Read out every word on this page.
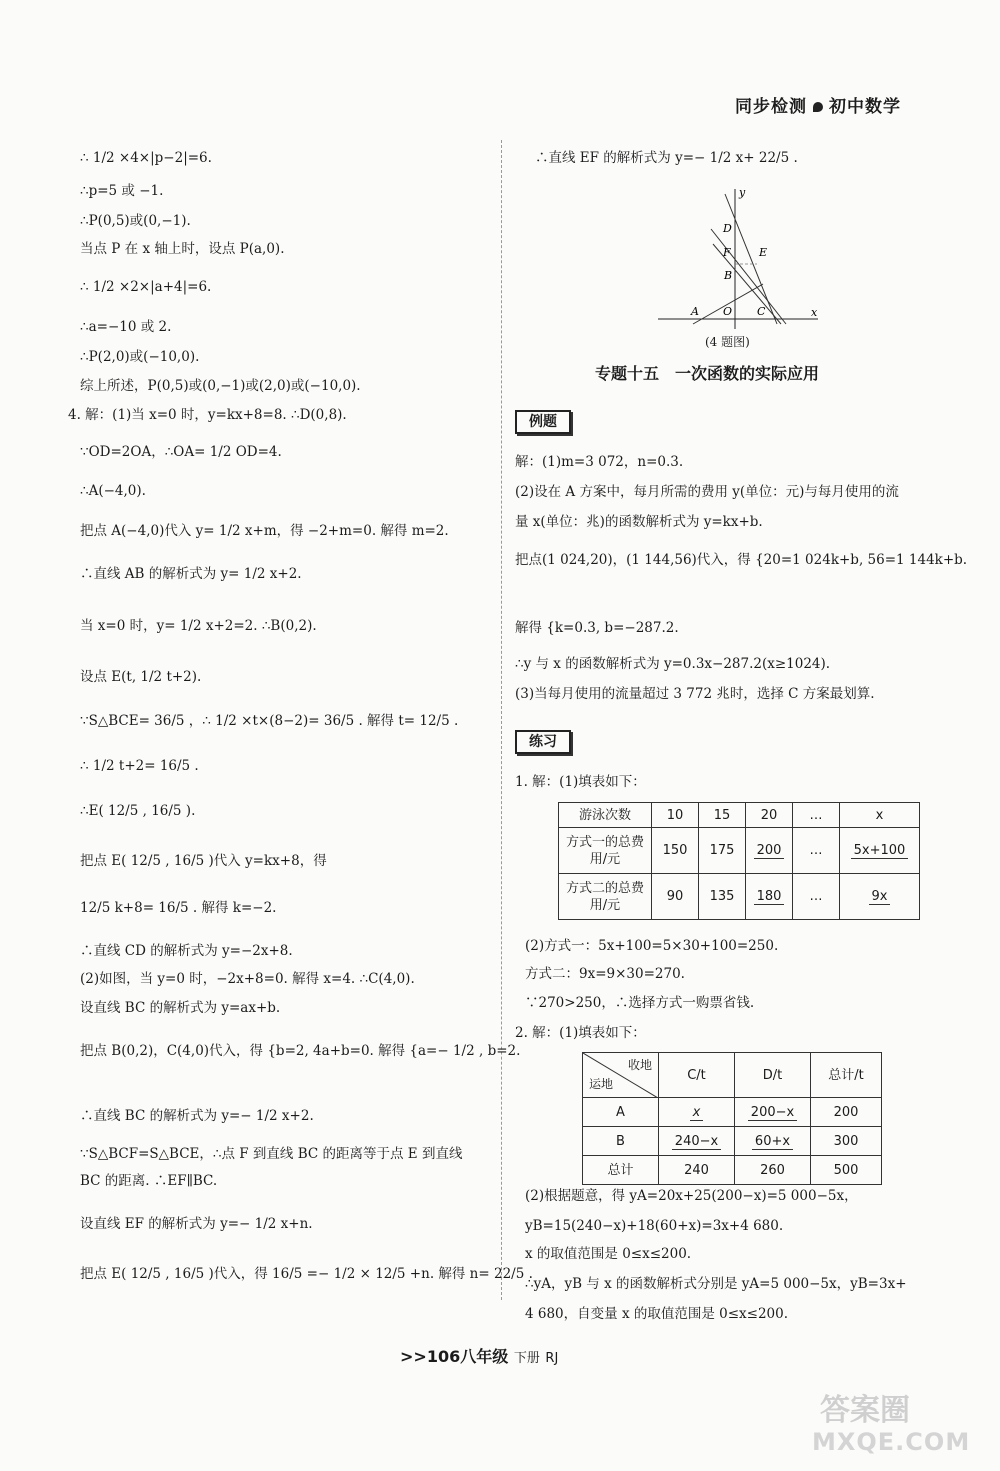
同步检测 初中数学
∴ 1/2 ×4×|p−2|=6.
∴p=5 或 −1.
∴P(0,5)或(0,−1).
当点 P 在 x 轴上时，设点 P(a,0).
∴ 1/2 ×2×|a+4|=6.
∴a=−10 或 2.
∴P(2,0)或(−10,0).
综上所述，P(0,5)或(0,−1)或(2,0)或(−10,0).
4. 解：(1)当 x=0 时，y=kx+8=8. ∴D(0,8).
∵OD=2OA，∴OA= 1/2 OD=4.
∴A(−4,0).
把点 A(−4,0)代入 y= 1/2 x+m，得 −2+m=0. 解得 m=2.
∴直线 AB 的解析式为 y= 1/2 x+2.
当 x=0 时，y= 1/2 x+2=2. ∴B(0,2).
设点 E(t, 1/2 t+2).
∵S△BCE= 36/5 ，∴ 1/2 ×t×(8−2)= 36/5 . 解得 t= 12/5 .
∴ 1/2 t+2= 16/5 .
∴E( 12/5 , 16/5 ).
把点 E( 12/5 , 16/5 )代入 y=kx+8，得
12/5 k+8= 16/5 . 解得 k=−2.
∴直线 CD 的解析式为 y=−2x+8.
(2)如图，当 y=0 时，−2x+8=0. 解得 x=4. ∴C(4,0).
设直线 BC 的解析式为 y=ax+b.
把点 B(0,2)，C(4,0)代入，得 {b=2, 4a+b=0. 解得 {a=− 1/2 , b=2.
∴直线 BC 的解析式为 y=− 1/2 x+2.
∵S△BCF=S△BCE，∴点 F 到直线 BC 的距离等于点 E 到直线
BC 的距离. ∴EF∥BC.
设直线 EF 的解析式为 y=− 1/2 x+n.
把点 E( 12/5 , 16/5 )代入，得 16/5 =− 1/2 × 12/5 +n. 解得 n= 22/5 .
∴直线 EF 的解析式为 y=− 1/2 x+ 22/5 .
y
D
F	E
B
A O C	x
(4 题图)
专题十五　一次函数的实际应用
例题
解：(1)m=3 072，n=0.3.
(2)设在 A 方案中，每月所需的费用 y(单位：元)与每月使用的流
量 x(单位：兆)的函数解析式为 y=kx+b.
把点(1 024,20)，(1 144,56)代入，得 {20=1 024k+b, 56=1 144k+b.
解得 {k=0.3, b=−287.2.
∴y 与 x 的函数解析式为 y=0.3x−287.2(x≥1024).
(3)当每月使用的流量超过 3 772 兆时，选择 C 方案最划算.
练习
1. 解：(1)填表如下：
游泳次数	10	15	20	…	x
方式一的总费用/元	150	175	200	…	5x+100
方式二的总费用/元	90	135	180	…	9x
(2)方式一：5x+100=5×30+100=250.
方式二：9x=9×30=270.
∵270>250，∴选择方式一购票省钱.
2. 解：(1)填表如下：
收地
运地	C/t	D/t	总计/t
A	x	200−x	200
B	240−x	60+x	300
总计	240	260	500
(2)根据题意，得 yA=20x+25(200−x)=5 000−5x，
yB=15(240−x)+18(60+x)=3x+4 680.
x 的取值范围是 0≤x≤200.
∴yA，yB 与 x 的函数解析式分别是 yA=5 000−5x，yB=3x+
4 680，自变量 x 的取值范围是 0≤x≤200.
>>106八年级 下册 RJ
答案圈
MXQE.COM
